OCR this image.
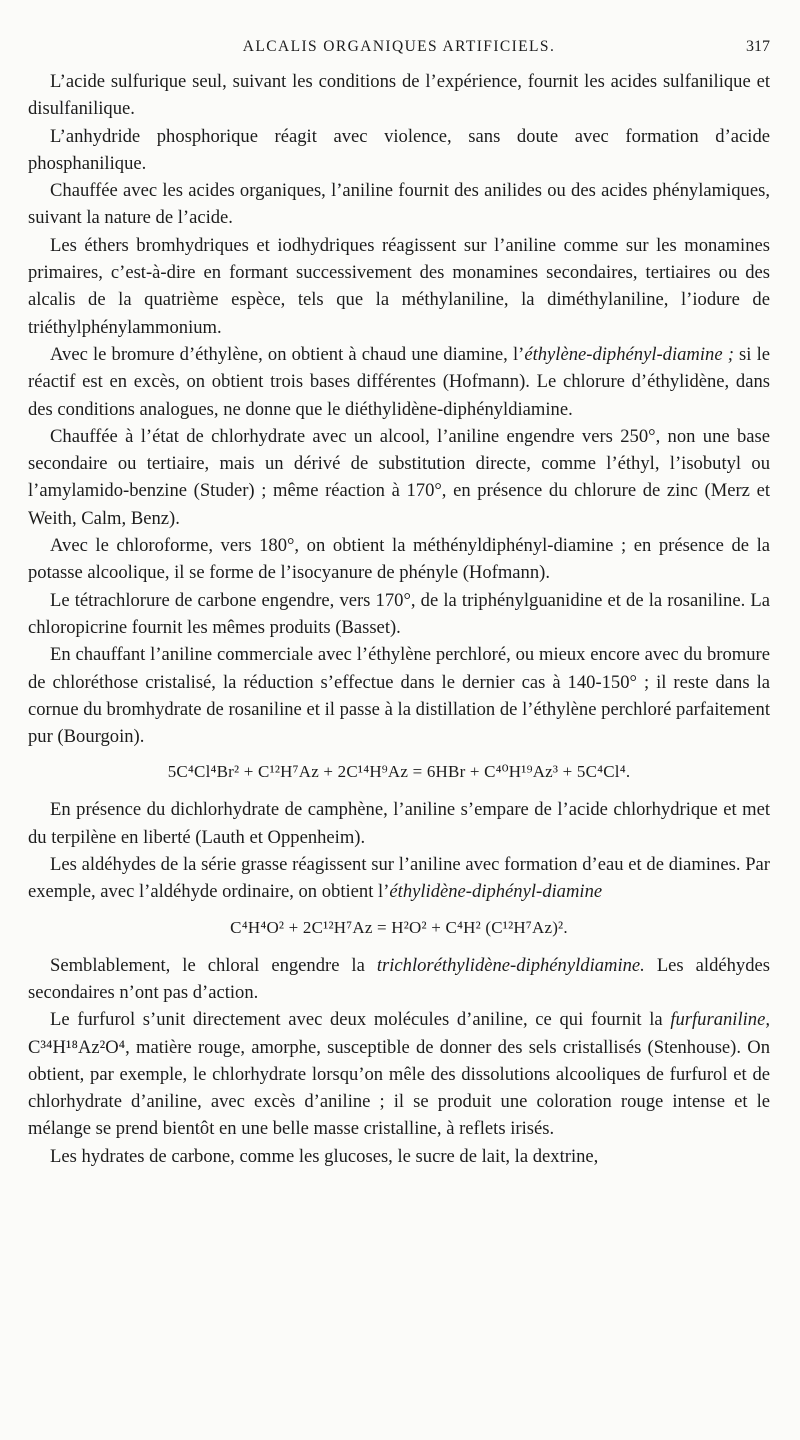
ALCALIS ORGANIQUES ARTIFICIELS.	317

L’acide sulfurique seul, suivant les conditions de l’expérience, fournit les acides sulfanilique et disulfanilique.

L’anhydride phosphorique réagit avec violence, sans doute avec formation d’acide phosphanilique.

Chauffée avec les acides organiques, l’aniline fournit des anilides ou des acides phénylamiques, suivant la nature de l’acide.

Les éthers bromhydriques et iodhydriques réagissent sur l’aniline comme sur les monamines primaires, c’est-à-dire en formant successivement des monamines secondaires, tertiaires ou des alcalis de la quatrième espèce, tels que la méthylaniline, la diméthylaniline, l’iodure de triéthylphénylammonium.

Avec le bromure d’éthylène, on obtient à chaud une diamine, l’éthylène-diphényl-diamine ; si le réactif est en excès, on obtient trois bases différentes (Hofmann). Le chlorure d’éthylidène, dans des conditions analogues, ne donne que le diéthylidène-diphényldiamine.

Chauffée à l’état de chlorhydrate avec un alcool, l’aniline engendre vers 250°, non une base secondaire ou tertiaire, mais un dérivé de substitution directe, comme l’éthyl, l’isobutyl ou l’amylamido-benzine (Studer) ; même réaction à 170°, en présence du chlorure de zinc (Merz et Weith, Calm, Benz).

Avec le chloroforme, vers 180°, on obtient la méthényldiphényl-diamine ; en présence de la potasse alcoolique, il se forme de l’isocyanure de phényle (Hofmann).

Le tétrachlorure de carbone engendre, vers 170°, de la triphénylguanidine et de la rosaniline. La chloropicrine fournit les mêmes produits (Basset).

En chauffant l’aniline commerciale avec l’éthylène perchloré, ou mieux encore avec du bromure de chloréthose cristalisé, la réduction s’effectue dans le dernier cas à 140-150° ; il reste dans la cornue du bromhydrate de rosaniline et il passe à la distillation de l’éthylène perchloré parfaitement pur (Bourgoin).

5C⁴Cl⁴Br² + C¹²H⁷Az + 2C¹⁴H⁹Az = 6HBr + C⁴⁰H¹⁹Az³ + 5C⁴Cl⁴.

En présence du dichlorhydrate de camphène, l’aniline s’empare de l’acide chlorhydrique et met du terpilène en liberté (Lauth et Oppenheim).

Les aldéhydes de la série grasse réagissent sur l’aniline avec formation d’eau et de diamines. Par exemple, avec l’aldéhyde ordinaire, on obtient l’éthylidène-diphényl-diamine

C⁴H⁴O² + 2C¹²H⁷Az = H²O² + C⁴H² (C¹²H⁷Az)².

Semblablement, le chloral engendre la trichloréthylidène-diphényldiamine. Les aldéhydes secondaires n’ont pas d’action.

Le furfurol s’unit directement avec deux molécules d’aniline, ce qui fournit la furfuraniline, C³⁴H¹⁸Az²O⁴, matière rouge, amorphe, susceptible de donner des sels cristallisés (Stenhouse). On obtient, par exemple, le chlorhydrate lorsqu’on mêle des dissolutions alcooliques de furfurol et de chlorhydrate d’aniline, avec excès d’aniline ; il se produit une coloration rouge intense et le mélange se prend bientôt en une belle masse cristalline, à reflets irisés.

Les hydrates de carbone, comme les glucoses, le sucre de lait, la dextrine,
